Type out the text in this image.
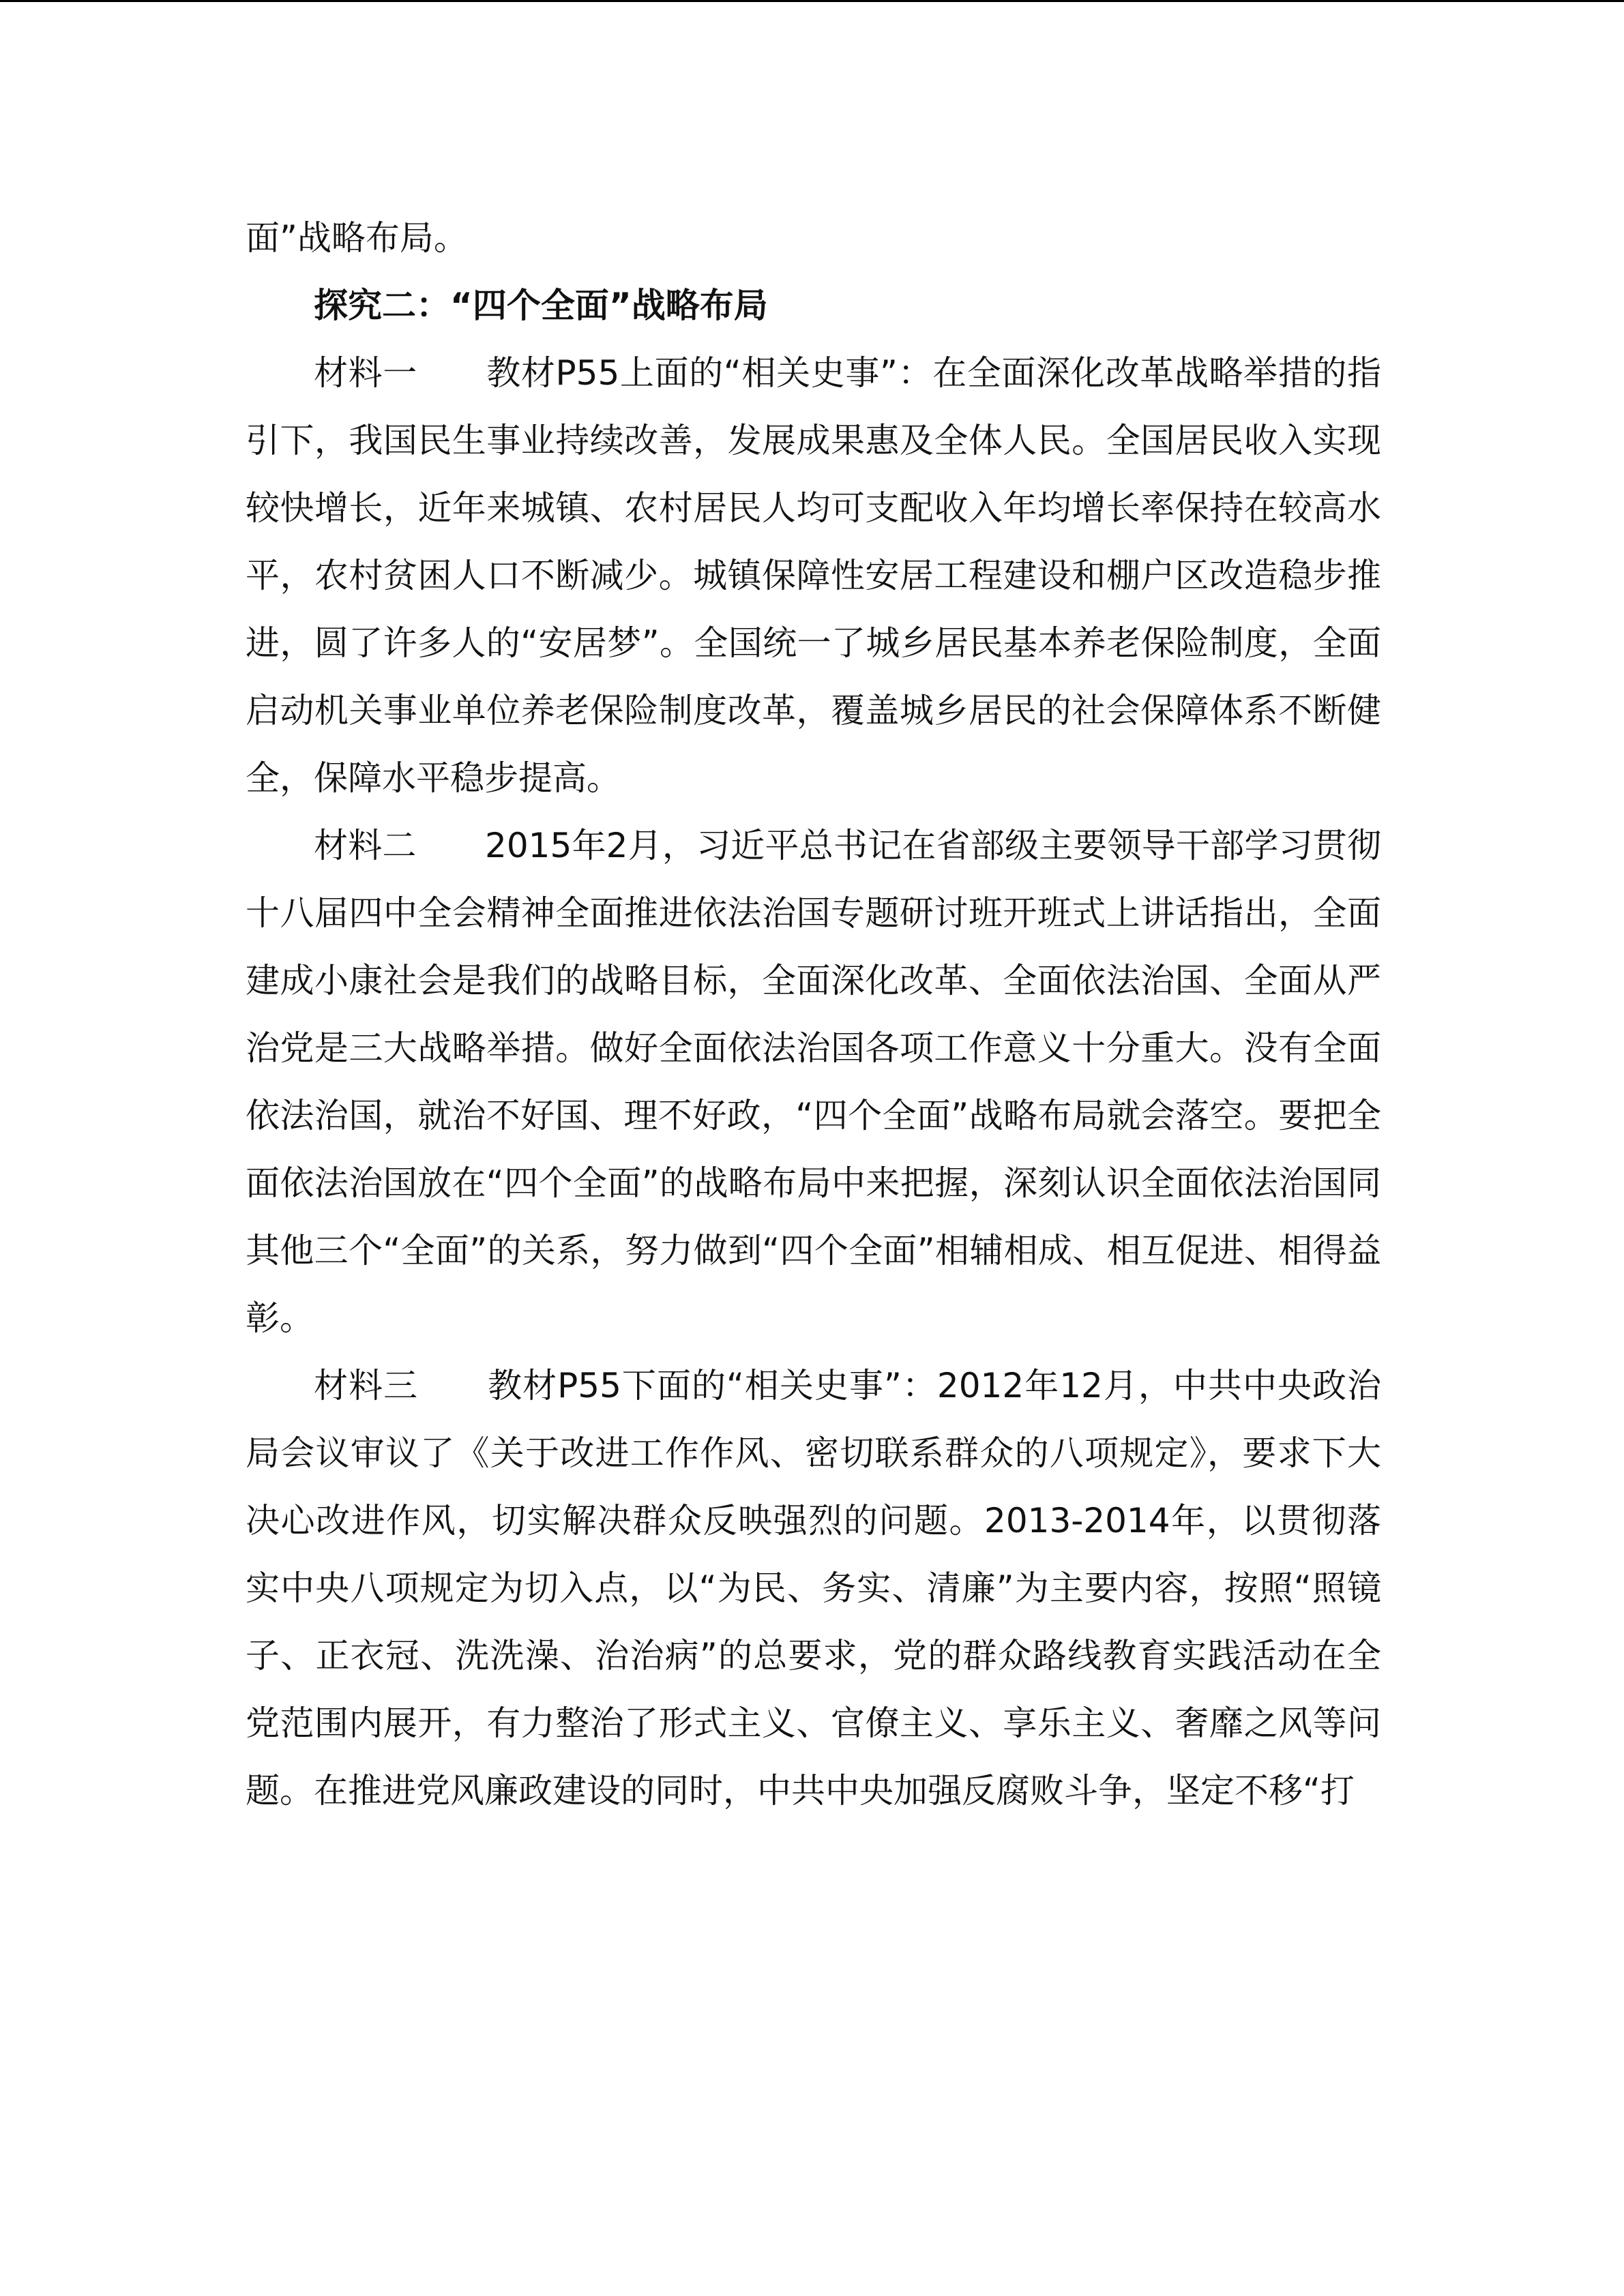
面”战略布局。

探究二：“四个全面”战略布局

材料一　　教材P55上面的“相关史事”：在全面深化改革战略举措的指引下，我国民生事业持续改善，发展成果惠及全体人民。全国居民收入实现较快增长，近年来城镇、农村居民人均可支配收入年均增长率保持在较高水平，农村贫困人口不断减少。城镇保障性安居工程建设和棚户区改造稳步推进，圆了许多人的“安居梦”。全国统一了城乡居民基本养老保险制度，全面启动机关事业单位养老保险制度改革，覆盖城乡居民的社会保障体系不断健全，保障水平稳步提高。

材料二　　2015年2月，习近平总书记在省部级主要领导干部学习贯彻十八届四中全会精神全面推进依法治国专题研讨班开班式上讲话指出，全面建成小康社会是我们的战略目标，全面深化改革、全面依法治国、全面从严治党是三大战略举措。做好全面依法治国各项工作意义十分重大。没有全面依法治国，就治不好国、理不好政，“四个全面”战略布局就会落空。要把全面依法治国放在“四个全面”的战略布局中来把握，深刻认识全面依法治国同其他三个“全面”的关系，努力做到“四个全面”相辅相成、相互促进、相得益彰。

材料三　　教材P55下面的“相关史事”：2012年12月，中共中央政治局会议审议了《关于改进工作作风、密切联系群众的八项规定》，要求下大决心改进作风，切实解决群众反映强烈的问题。2013-2014年，以贯彻落实中央八项规定为切入点，以“为民、务实、清廉”为主要内容，按照“照镜子、正衣冠、洗洗澡、治治病”的总要求，党的群众路线教育实践活动在全党范围内展开，有力整治了形式主义、官僚主义、享乐主义、奢靡之风等问题。在推进党风廉政建设的同时，中共中央加强反腐败斗争，坚定不移“打
